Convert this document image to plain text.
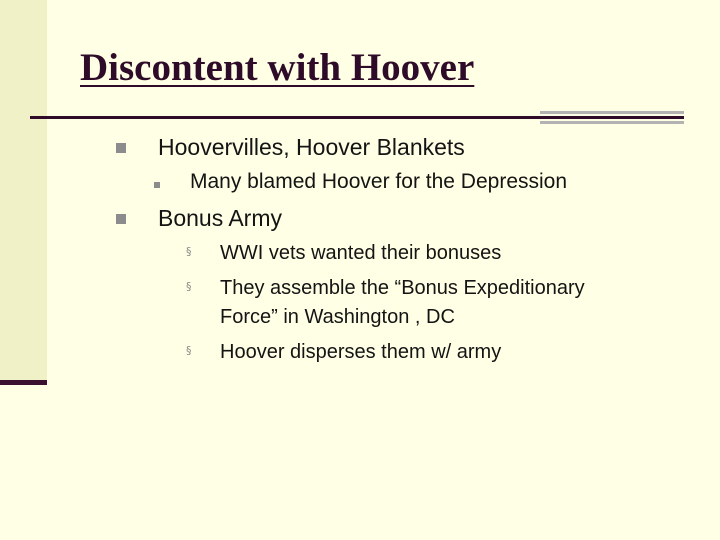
Discontent with Hoover
Hoovervilles, Hoover Blankets
Many blamed Hoover for the Depression
Bonus Army
§ WWI vets wanted their bonuses
§ They assemble the “Bonus Expeditionary
Force” in Washington , DC
§ Hoover disperses them w/ army
